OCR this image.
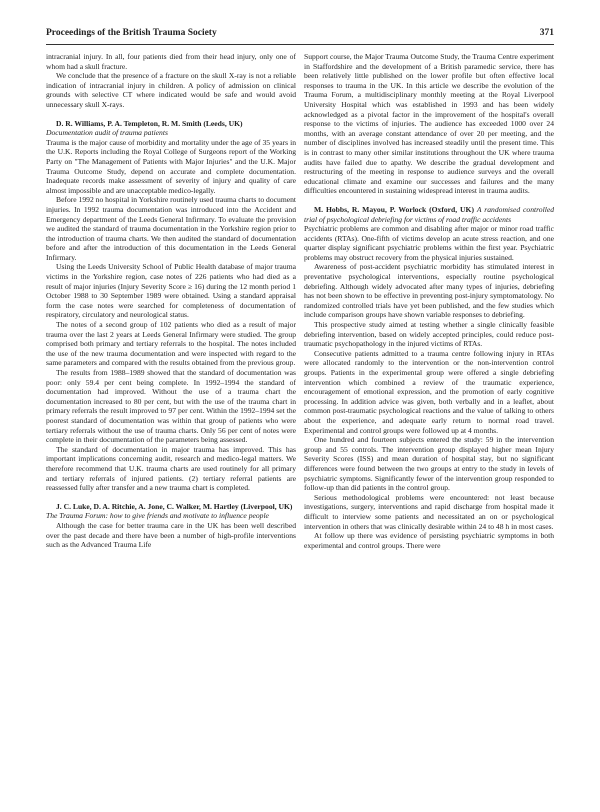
Proceedings of the British Trauma Society	371

intracranial injury. In all, four patients died from their head injury, only one of whom had a skull fracture.

We conclude that the presence of a fracture on the skull X-ray is not a reliable indication of intracranial injury in children. A policy of admission on clinical grounds with selective CT where indicated would be safe and would avoid unnecessary skull X-rays.

D. R. Williams, P. A. Templeton, R. M. Smith (Leeds, UK)

Documentation audit of trauma patients

Trauma is the major cause of morbidity and mortality under the age of 35 years in the U.K. Reports including the Royal College of Surgeons report of the Working Party on "The Management of Patients with Major Injuries" and the U.K. Major Trauma Outcome Study, depend on accurate and complete documentation. Inadequate records make assessment of severity of injury and quality of care almost impossible and are unacceptable medico-legally.

Before 1992 no hospital in Yorkshire routinely used trauma charts to document injuries. In 1992 trauma documentation was introduced into the Accident and Emergency department of the Leeds General Infirmary. To evaluate the provision we audited the standard of trauma documentation in the Yorkshire region prior to the introduction of trauma charts. We then audited the standard of documentation before and after the introduction of this documentation in the Leeds General Infirmary.

Using the Leeds University School of Public Health database of major trauma victims in the Yorkshire region, case notes of 226 patients who had died as a result of major injuries (Injury Severity Score ≥ 16) during the 12 month period 1 October 1988 to 30 September 1989 were obtained. Using a standard appraisal form the case notes were searched for completeness of documentation of respiratory, circulatory and neurological status.

The notes of a second group of 102 patients who died as a result of major trauma over the last 2 years at Leeds General Infirmary were studied. The group comprised both primary and tertiary referrals to the hospital. The notes included the use of the new trauma documentation and were inspected with regard to the same parameters and compared with the results obtained from the previous group.

The results from 1988–1989 showed that the standard of documentation was poor: only 59.4 per cent being complete. In 1992–1994 the standard of documentation had improved. Without the use of a trauma chart the documentation increased to 80 per cent, but with the use of the trauma chart in primary referrals the result improved to 97 per cent. Within the 1992–1994 set the poorest standard of documentation was within that group of patients who were tertiary referrals without the use of trauma charts. Only 56 per cent of notes were complete in their documentation of the parameters being assessed.

The standard of documentation in major trauma has improved. This has important implications concerning audit, research and medico-legal matters. We therefore recommend that U.K. trauma charts are used routinely for all primary and tertiary referrals of injured patients. (2) tertiary referral patients are reassessed fully after transfer and a new trauma chart is completed.

J. C. Luke, D. A. Ritchie, A. Jone, C. Walker, M. Hartley (Liverpool, UK)

The Trauma Forum: how to give friends and motivate to influence people

Although the case for better trauma care in the UK has been well described over the past decade and there have been a number of high-profile interventions such as the Advanced Trauma Life

Support course, the Major Trauma Outcome Study, the Trauma Centre experiment in Staffordshire and the development of a British paramedic service, there has been relatively little published on the lower profile but often effective local responses to trauma in the UK. In this article we describe the evolution of the Trauma Forum, a multidisciplinary monthly meeting at the Royal Liverpool University Hospital which was established in 1993 and has been widely acknowledged as a pivotal factor in the improvement of the hospital's overall response to the victims of injuries. The audience has exceeded 1000 over 24 months, with an average constant attendance of over 20 per meeting, and the number of disciplines involved has increased steadily until the present time. This is in contrast to many other similar institutions throughout the UK where trauma audits have failed due to apathy. We describe the gradual development and restructuring of the meeting in response to audience surveys and the overall educational climate and examine our successes and failures and the many difficulties encountered in sustaining widespread interest in trauma audits.

M. Hobbs, R. Mayou, P. Worlock (Oxford, UK) A randomised controlled trial of psychological debriefing for victims of road traffic accidents

Psychiatric problems are common and disabling after major or minor road traffic accidents (RTAs). One-fifth of victims develop an acute stress reaction, and one quarter display significant psychiatric problems within the first year. Psychiatric problems may obstruct recovery from the physical injuries sustained.

Awareness of post-accident psychiatric morbidity has stimulated interest in preventative psychological interventions, especially routine psychological debriefing. Although widely advocated after many types of injuries, debriefing has not been shown to be effective in preventing post-injury symptomatology. No randomized controlled trials have yet been published, and the few studies which include comparison groups have shown variable responses to debriefing.

This prospective study aimed at testing whether a single clinically feasible debriefing intervention, based on widely accepted principles, could reduce post-traumatic psychopathology in the injured victims of RTAs.

Consecutive patients admitted to a trauma centre following injury in RTAs were allocated randomly to the intervention or the non-intervention control groups. Patients in the experimental group were offered a single debriefing intervention which combined a review of the traumatic experience, encouragement of emotional expression, and the promotion of early cognitive processing. In addition advice was given, both verbally and in a leaflet, about common post-traumatic psychological reactions and the value of talking to others about the experience, and adequate early return to normal road travel. Experimental and control groups were followed up at 4 months.

One hundred and fourteen subjects entered the study: 59 in the intervention group and 55 controls. The intervention group displayed higher mean Injury Severity Scores (ISS) and mean duration of hospital stay, but no significant differences were found between the two groups at entry to the study in levels of psychiatric symptoms. Significantly fewer of the intervention group responded to follow-up than did patients in the control group.

Serious methodological problems were encountered: not least because investigations, surgery, interventions and rapid discharge from hospital made it difficult to interview some patients and necessitated an on or psychological intervention in others that was clinically desirable within 24 to 48 h in most cases.

At follow up there was evidence of persisting psychiatric symptoms in both experimental and control groups. There were
